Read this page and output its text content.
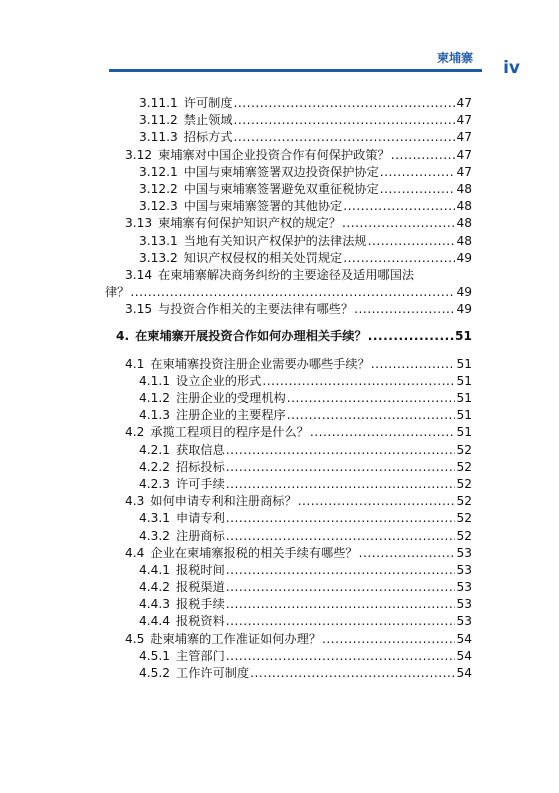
柬埔寨 iv
3.11.1 许可制度 .....	47
3.11.2 禁止领域 .....	47
3.11.3 招标方式 .....	47
3.12 柬埔寨对中国企业投资合作有何保护政策？ .....	47
3.12.1 中国与柬埔寨签署双边投资保护协定 .....	47
3.12.2 中国与柬埔寨签署避免双重征税协定 .....	48
3.12.3 中国与柬埔寨签署的其他协定 .....	48
3.13 柬埔寨有何保护知识产权的规定？ .....	48
3.13.1 当地有关知识产权保护的法律法规 .....	48
3.13.2 知识产权侵权的相关处罚规定 .....	49
3.14 在柬埔寨解决商务纠纷的主要途径及适用哪国法
律？ .....	49
3.15 与投资合作相关的主要法律有哪些？ .....	49
4. 在柬埔寨开展投资合作如何办理相关手续？ .....	51
4.1 在柬埔寨投资注册企业需要办哪些手续？ .....	51
4.1.1 设立企业的形式 .....	51
4.1.2 注册企业的受理机构 .....	51
4.1.3 注册企业的主要程序 .....	51
4.2 承揽工程项目的程序是什么？ .....	51
4.2.1 获取信息 .....	52
4.2.2 招标投标 .....	52
4.2.3 许可手续 .....	52
4.3 如何申请专利和注册商标？ .....	52
4.3.1 申请专利 .....	52
4.3.2 注册商标 .....	52
4.4 企业在柬埔寨报税的相关手续有哪些？ .....	53
4.4.1 报税时间 .....	53
4.4.2 报税渠道 .....	53
4.4.3 报税手续 .....	53
4.4.4 报税资料 .....	53
4.5 赴柬埔寨的工作准证如何办理？ .....	54
4.5.1 主管部门 .....	54
4.5.2 工作许可制度 .....	54
